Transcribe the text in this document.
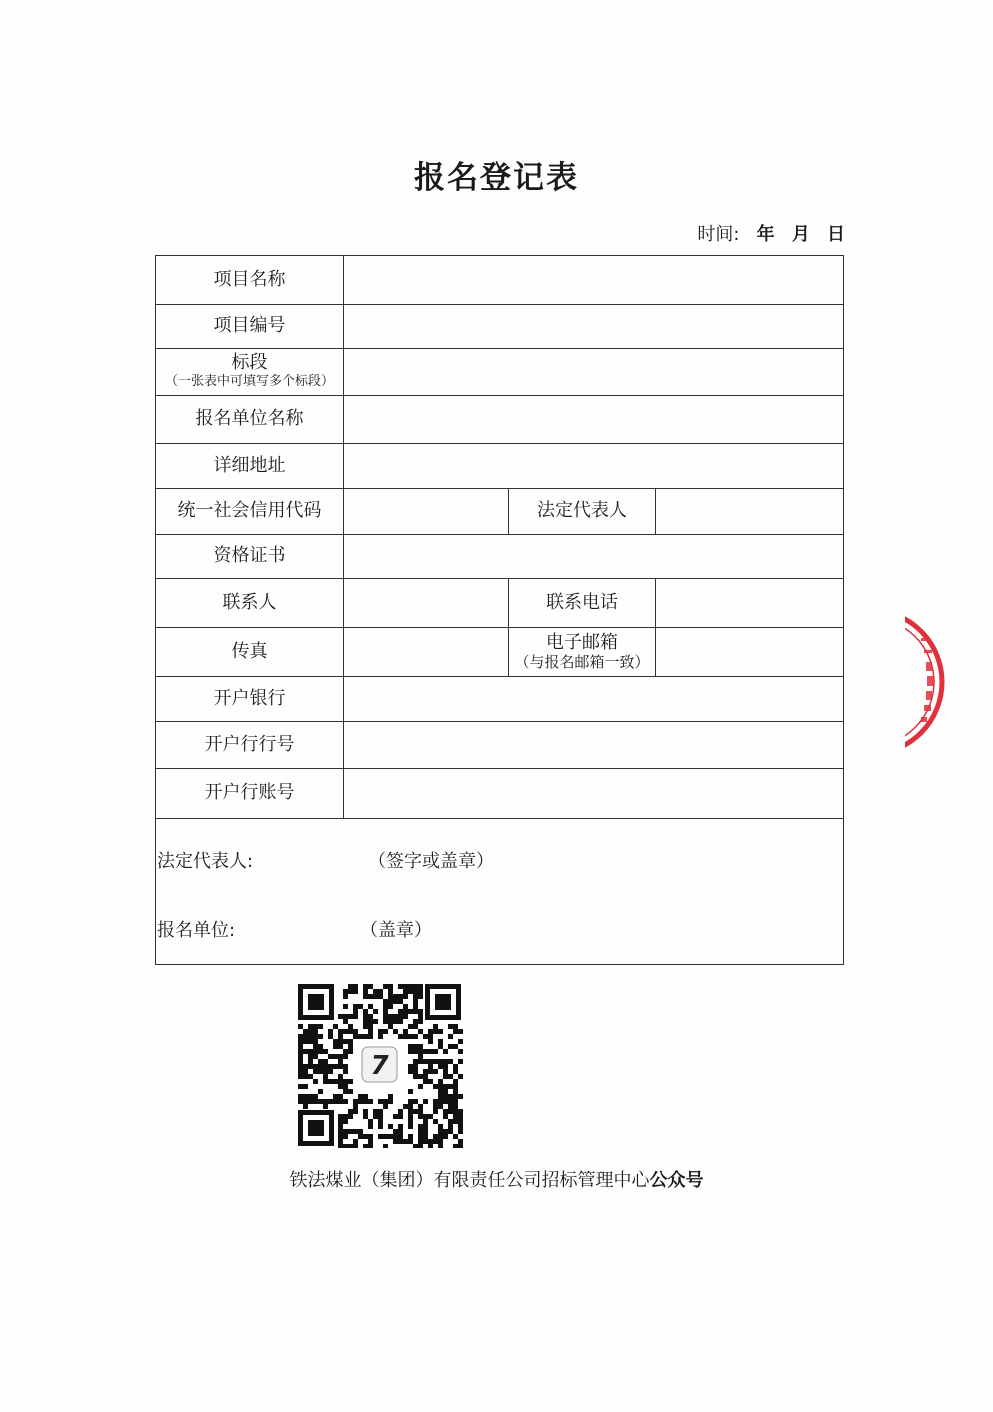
报名登记表
时间: 年 月 日
项目名称
项目编号
标段
（一张表中可填写多个标段）
报名单位名称
详细地址
统一社会信用代码	法定代表人
资格证书
联系人	联系电话
传真	电子邮箱
（与报名邮箱一致）
开户银行
开户行行号
开户行账号
法定代表人:	（签字或盖章）
报名单位:	（盖章）
7
铁法煤业（集团）有限责任公司招标管理中心公众号
